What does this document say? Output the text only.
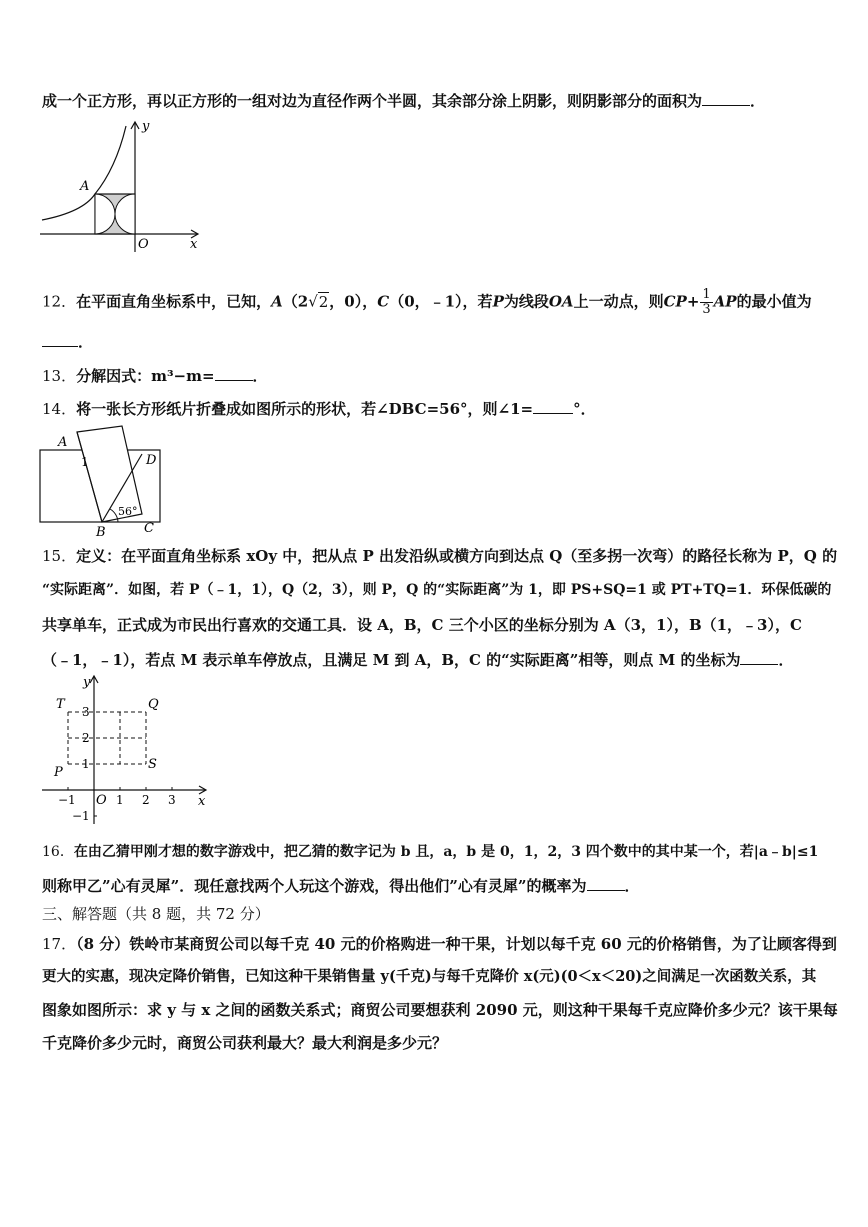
成一个正方形，再以正方形的一组对边为直径作两个半圆，其余部分涂上阴影，则阴影部分的面积为	．
y
x
A
O
12．在平面直角坐标系中，已知，A（2√2，0），C（0，﹣1），若P为线段OA上一动点，则$CP+ \frac{1}{3}$ AP的最小值为
．
13．分解因式：m³−m=	．
14．将一张长方形纸片折叠成如图所示的形状，若∠DBC=56°，则∠1=	°．
A
D
B	C
1
56°
15．定义：在平面直角坐标系 xOy 中，把从点 P 出发沿纵或横方向到达点 Q（至多拐一次弯）的路径长称为 P，Q 的
“实际距离”．如图，若 P（﹣1，1），Q（2，3），则 P，Q 的“实际距离”为 1，即 PS+SQ=1 或 PT+TQ=1．环保低碳的
共享单车，正式成为市民出行喜欢的交通工具．设 A，B，C 三个小区的坐标分别为 A（3，1），B（1，﹣3），C
（﹣1，﹣1），若点 M 表示单车停放点，且满足 M 到 A，B，C 的“实际距离”相等，则点 M 的坐标为	．
y
x
O
T	Q
P
S
3
2
1
−1
−1	1 2 3
16．在由乙猜甲刚才想的数字游戏中，把乙猜的数字记为 b 且，a，b 是 0，1，2，3 四个数中的其中某一个，若|a﹣b|≤1
则称甲乙”心有灵犀”．现任意找两个人玩这个游戏，得出他们”心有灵犀”的概率为	．
三、解答题（共 8 题，共 72 分）
17．（8 分）铁岭市某商贸公司以每千克 40 元的价格购进一种干果，计划以每千克 60 元的价格销售，为了让顾客得到
更大的实惠，现决定降价销售，已知这种干果销售量 y(千克)与每千克降价 x(元)(0＜x＜20)之间满足一次函数关系，其
图象如图所示：求 y 与 x 之间的函数关系式；商贸公司要想获利 2090 元，则这种干果每千克应降价多少元？该干果每
千克降价多少元时，商贸公司获利最大？最大利润是多少元？
